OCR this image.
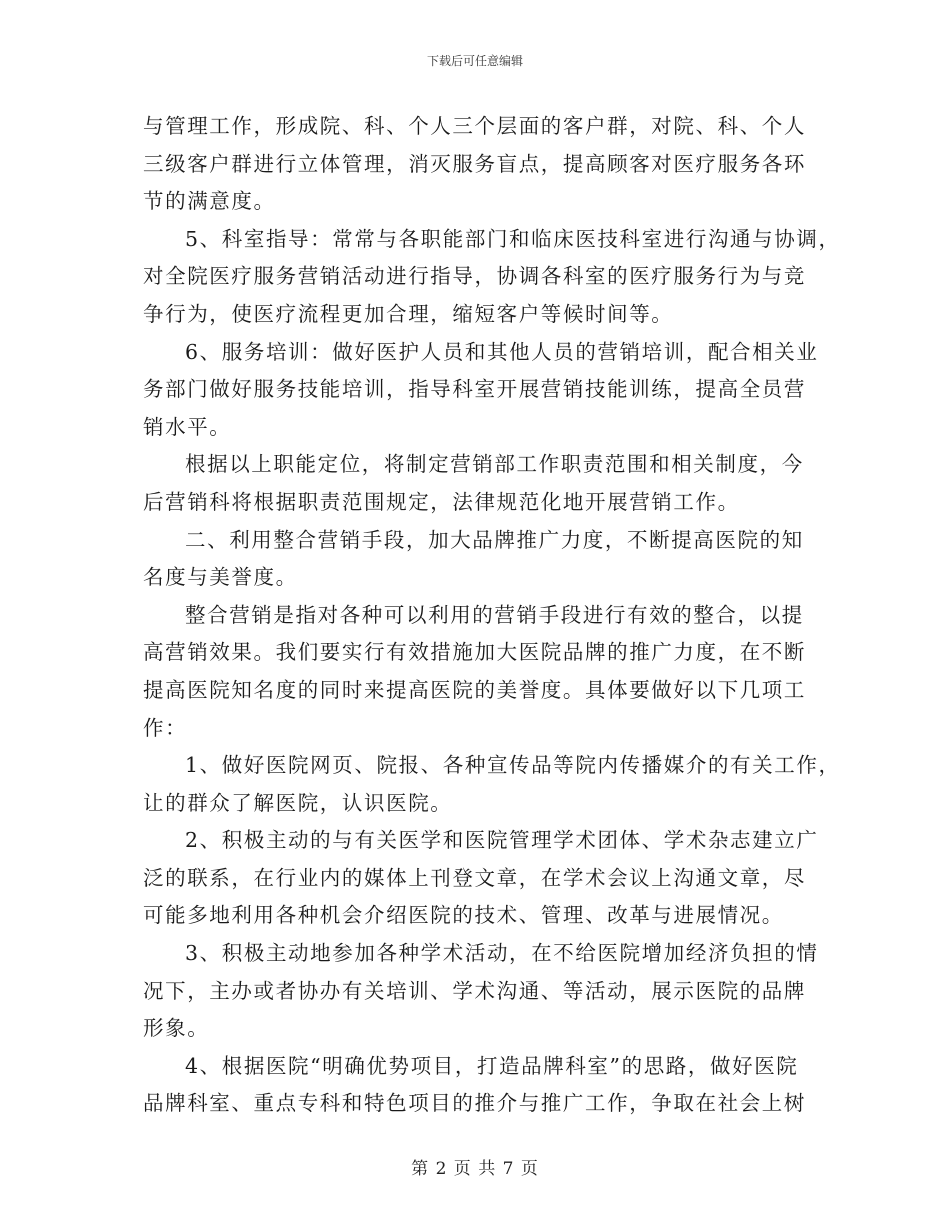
下载后可任意编辑
与管理工作，形成院、科、个人三个层面的客户群，对院、科、个人
三级客户群进行立体管理，消灭服务盲点，提高顾客对医疗服务各环
节的满意度。
5、科室指导：常常与各职能部门和临床医技科室进行沟通与协调，
对全院医疗服务营销活动进行指导，协调各科室的医疗服务行为与竞
争行为，使医疗流程更加合理，缩短客户等候时间等。
6、服务培训：做好医护人员和其他人员的营销培训，配合相关业
务部门做好服务技能培训，指导科室开展营销技能训练，提高全员营
销水平。
根据以上职能定位，将制定营销部工作职责范围和相关制度，今
后营销科将根据职责范围规定，法律规范化地开展营销工作。
二、利用整合营销手段，加大品牌推广力度，不断提高医院的知
名度与美誉度。
整合营销是指对各种可以利用的营销手段进行有效的整合，以提
高营销效果。我们要实行有效措施加大医院品牌的推广力度，在不断
提高医院知名度的同时来提高医院的美誉度。具体要做好以下几项工
作：
1、做好医院网页、院报、各种宣传品等院内传播媒介的有关工作，
让的群众了解医院，认识医院。
2、积极主动的与有关医学和医院管理学术团体、学术杂志建立广
泛的联系，在行业内的媒体上刊登文章，在学术会议上沟通文章，尽
可能多地利用各种机会介绍医院的技术、管理、改革与进展情况。
3、积极主动地参加各种学术活动，在不给医院增加经济负担的情
况下，主办或者协办有关培训、学术沟通、等活动，展示医院的品牌
形象。
4、根据医院“明确优势项目，打造品牌科室”的思路，做好医院
品牌科室、重点专科和特色项目的推介与推广工作，争取在社会上树
第 2 页 共 7 页
